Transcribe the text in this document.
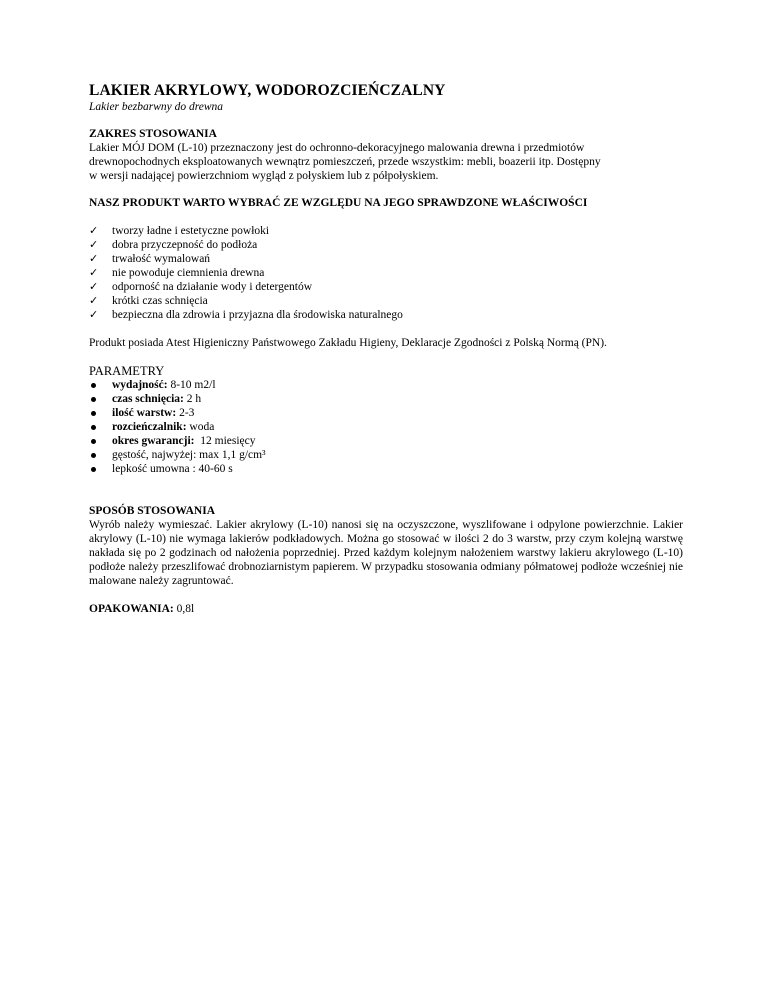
LAKIER AKRYLOWY, WODOROZCIEŃCZALNY
Lakier bezbarwny do drewna
ZAKRES STOSOWANIA
Lakier MÓJ DOM (L-10) przeznaczony jest do ochronno-dekoracyjnego malowania drewna i przedmiotów
drewnopochodnych eksploatowanych wewnątrz pomieszczeń, przede wszystkim: mebli, boazerii itp. Dostępny
w wersji nadającej powierzchniom wygląd z połyskiem lub z półpołyskiem.
NASZ PRODUKT WARTO WYBRAĆ ZE WZGLĘDU NA JEGO SPRAWDZONE WŁAŚCIWOŚCI
✓	tworzy ładne i estetyczne powłoki
✓	dobra przyczepność do podłoża
✓	trwałość wymalowań
✓	nie powoduje ciemnienia drewna
✓	odporność na działanie wody i detergentów
✓	krótki czas schnięcia
✓	bezpieczna dla zdrowia i przyjazna dla środowiska naturalnego
Produkt posiada Atest Higieniczny Państwowego Zakładu Higieny, Deklaracje Zgodności z Polską Normą (PN).
PARAMETRY
wydajność: 8-10 m2/l
czas schnięcia: 2 h
ilość warstw: 2-3
rozcieńczalnik: woda
okres gwarancji:  12 miesięcy
gęstość, najwyżej: max 1,1 g/cm³
lepkość umowna : 40-60 s
SPOSÓB STOSOWANIA
Wyrób należy wymieszać. Lakier akrylowy (L-10) nanosi się na oczyszczone, wyszlifowane i odpylone powierzchnie. Lakier akrylowy (L-10) nie wymaga lakierów podkładowych. Można go stosować w ilości 2 do 3 warstw, przy czym kolejną warstwę nakłada się po 2 godzinach od nałożenia poprzedniej. Przed każdym kolejnym nałożeniem warstwy lakieru akrylowego (L-10) podłoże należy przeszlifować drobnoziarnistym papierem. W przypadku stosowania odmiany półmatowej podłoże wcześniej nie malowane należy zagruntować.
OPAKOWANIA: 0,8l
